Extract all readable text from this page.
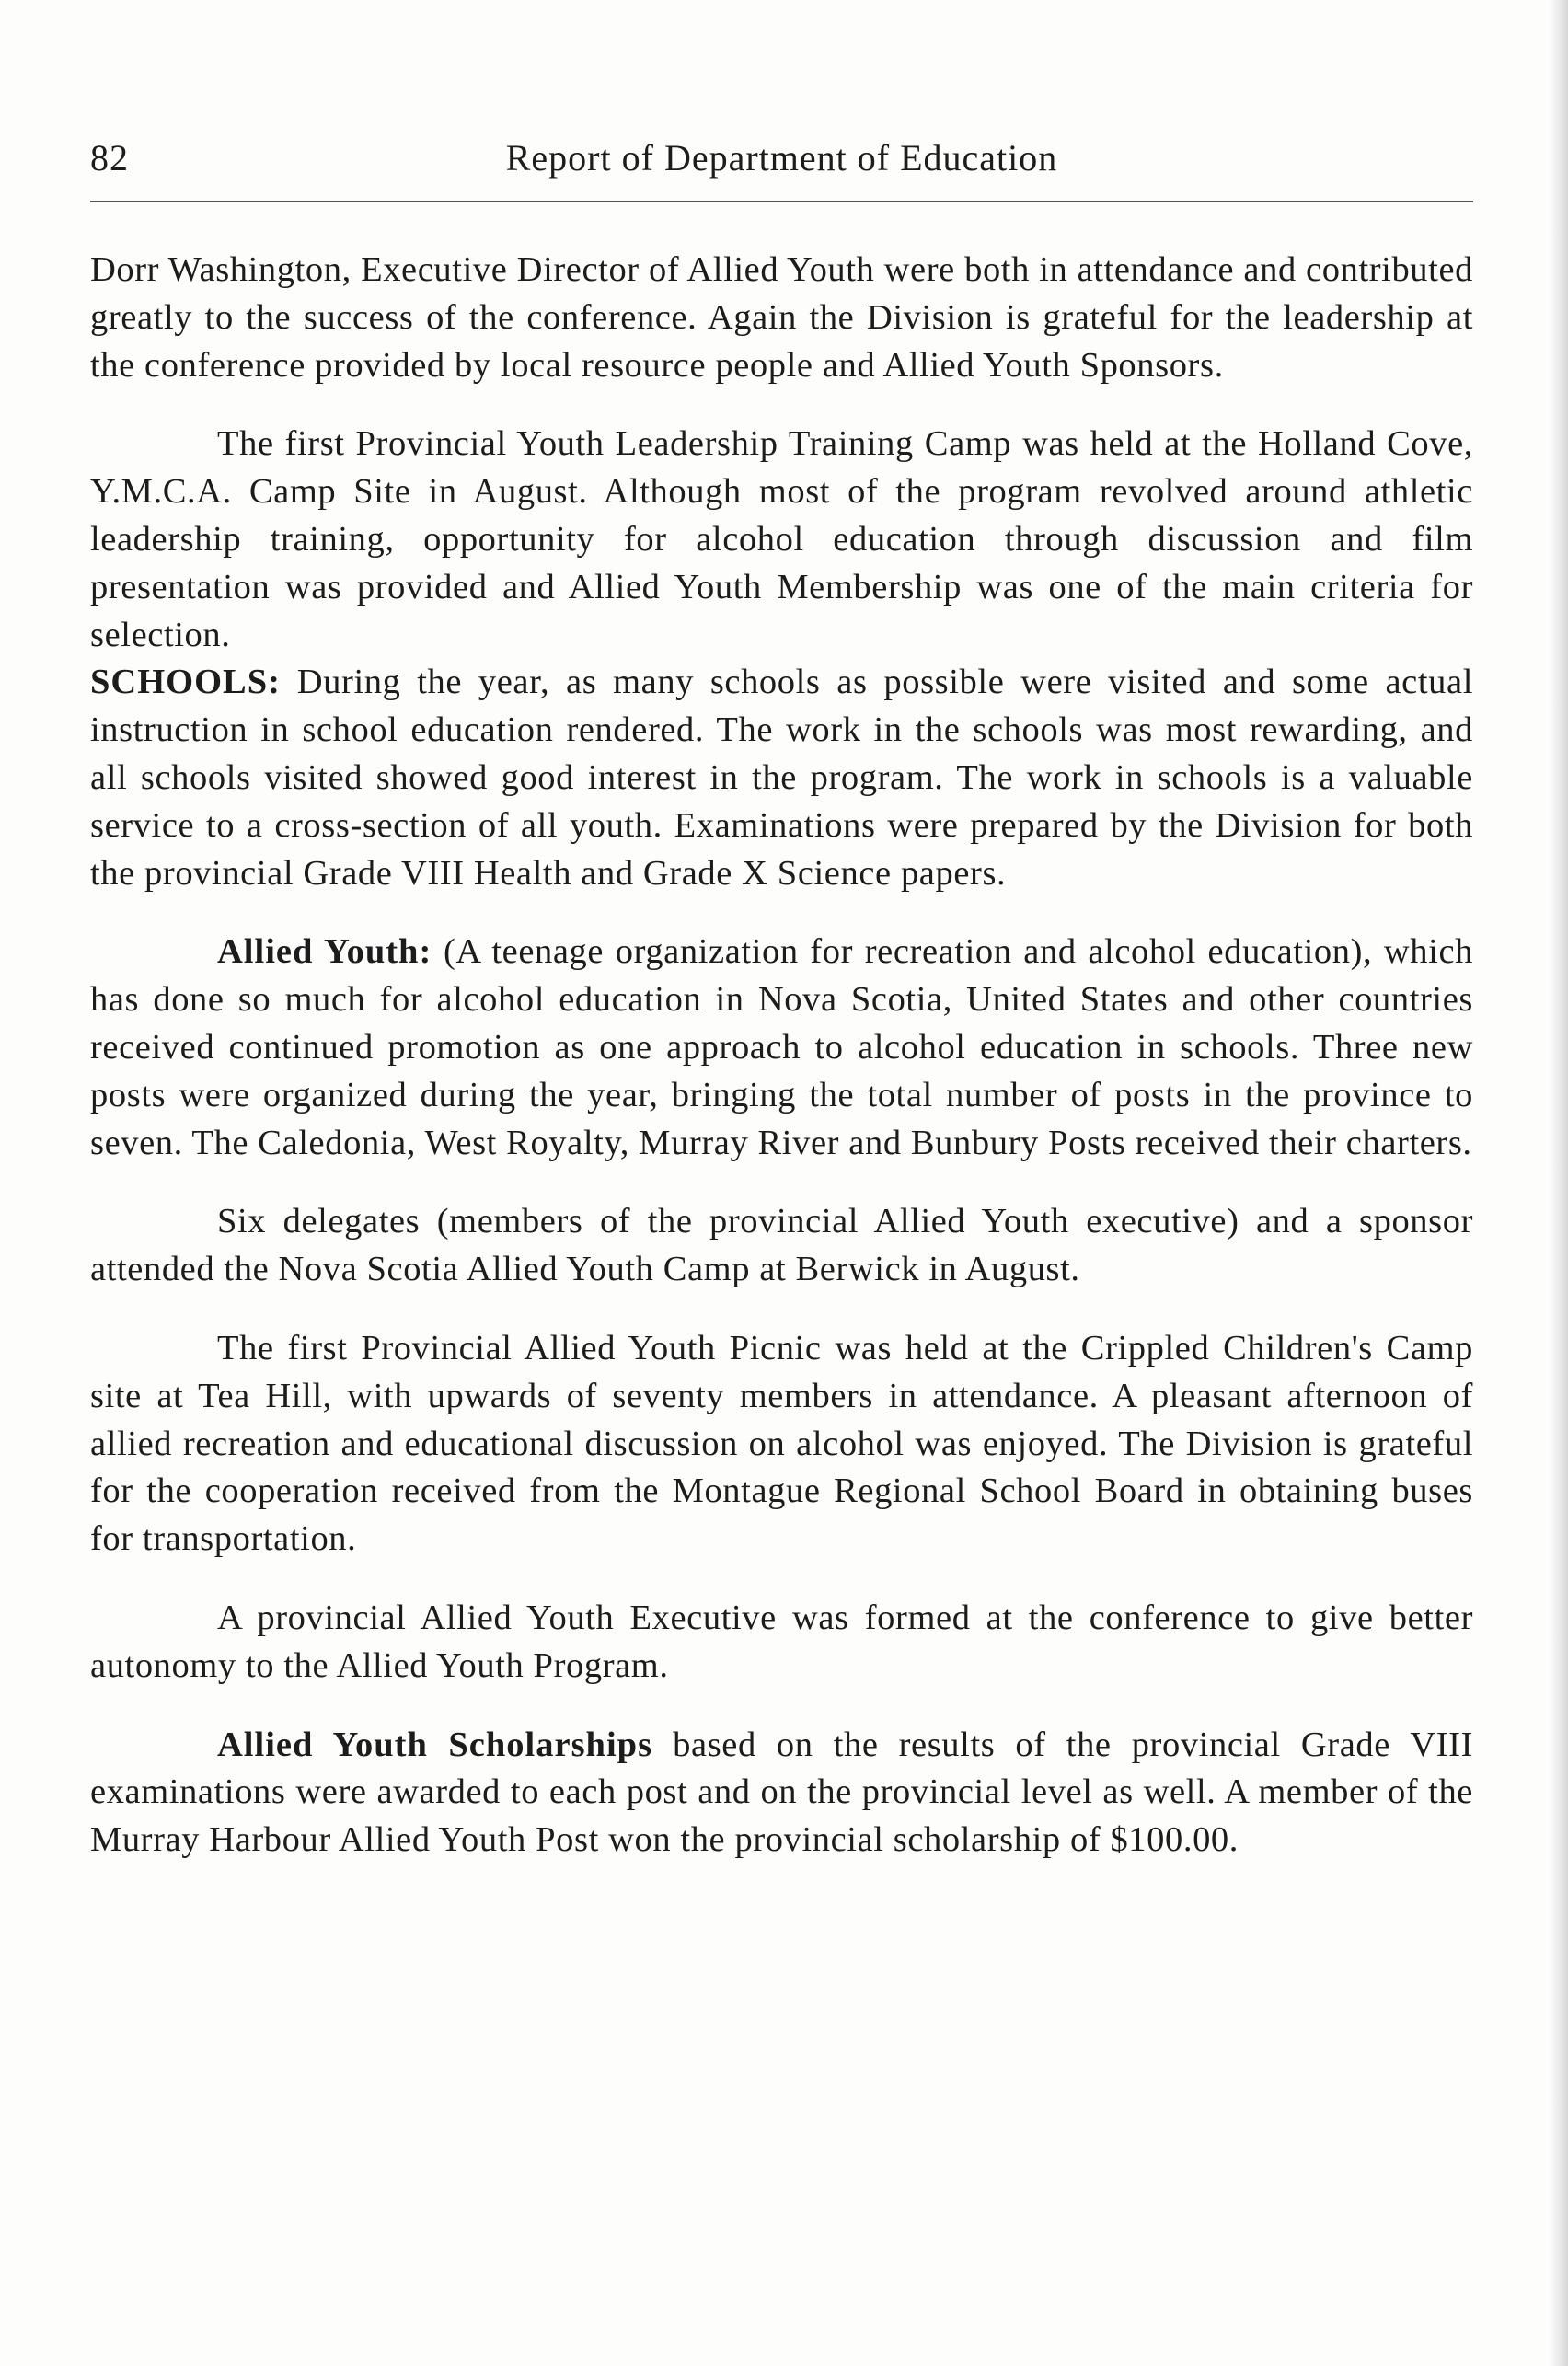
82	Report of Department of Education

Dorr Washington, Executive Director of Allied Youth were both in attendance and contributed greatly to the success of the conference. Again the Division is grateful for the leadership at the conference provided by local resource people and Allied Youth Sponsors.

The first Provincial Youth Leadership Training Camp was held at the Holland Cove, Y.M.C.A. Camp Site in August. Although most of the program revolved around athletic leadership training, opportunity for alcohol education through discussion and film presentation was provided and Allied Youth Membership was one of the main criteria for selection.

SCHOOLS: During the year, as many schools as possible were visited and some actual instruction in school education rendered. The work in the schools was most rewarding, and all schools visited showed good interest in the program. The work in schools is a valuable service to a cross-section of all youth. Examinations were prepared by the Division for both the provincial Grade VIII Health and Grade X Science papers.

Allied Youth: (A teenage organization for recreation and alcohol education), which has done so much for alcohol education in Nova Scotia, United States and other countries received continued promotion as one approach to alcohol education in schools. Three new posts were organized during the year, bringing the total number of posts in the province to seven. The Caledonia, West Royalty, Murray River and Bunbury Posts received their charters.

Six delegates (members of the provincial Allied Youth executive) and a sponsor attended the Nova Scotia Allied Youth Camp at Berwick in August.

The first Provincial Allied Youth Picnic was held at the Crippled Children's Camp site at Tea Hill, with upwards of seventy members in attendance. A pleasant afternoon of allied recreation and educational discussion on alcohol was enjoyed. The Division is grateful for the cooperation received from the Montague Regional School Board in obtaining buses for transportation.

A provincial Allied Youth Executive was formed at the conference to give better autonomy to the Allied Youth Program.

Allied Youth Scholarships based on the results of the provincial Grade VIII examinations were awarded to each post and on the provincial level as well. A member of the Murray Harbour Allied Youth Post won the provincial scholarship of $100.00.
